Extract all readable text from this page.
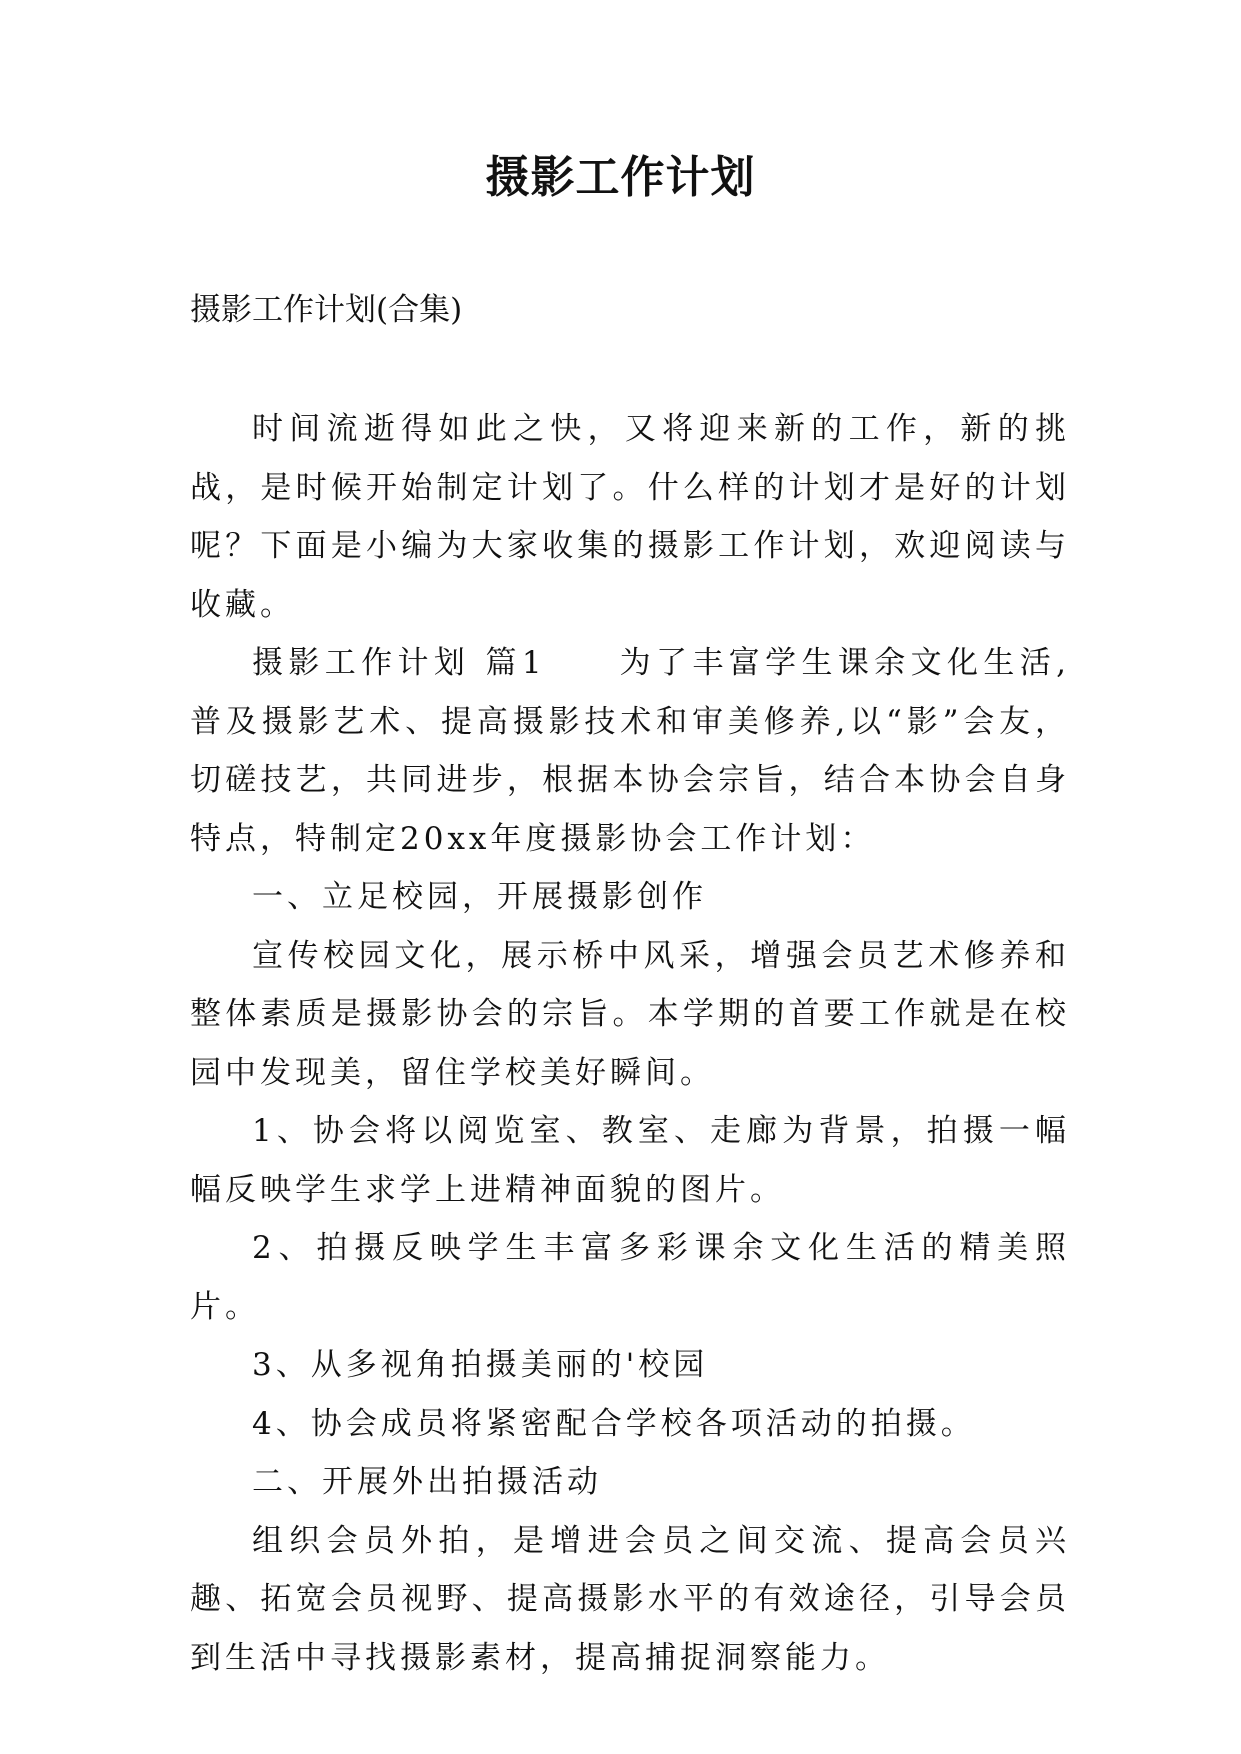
摄影工作计划
摄影工作计划(合集)

时间流逝得如此之快，又将迎来新的工作，新的挑战，是时候开始制定计划了。什么样的计划才是好的计划呢？下面是小编为大家收集的摄影工作计划，欢迎阅读与收藏。

摄影工作计划 篇1　　为了丰富学生课余文化生活,普及摄影艺术、提高摄影技术和审美修养,以“影”会友，切磋技艺，共同进步，根据本协会宗旨，结合本协会自身特点，特制定20xx年度摄影协会工作计划：

一、立足校园，开展摄影创作

宣传校园文化，展示桥中风采，增强会员艺术修养和整体素质是摄影协会的宗旨。本学期的首要工作就是在校园中发现美，留住学校美好瞬间。

1、协会将以阅览室、教室、走廊为背景，拍摄一幅幅反映学生求学上进精神面貌的图片。

2、拍摄反映学生丰富多彩课余文化生活的精美照片。

3、从多视角拍摄美丽的'校园

4、协会成员将紧密配合学校各项活动的拍摄。

二、开展外出拍摄活动

组织会员外拍，是增进会员之间交流、提高会员兴趣、拓宽会员视野、提高摄影水平的有效途径，引导会员到生活中寻找摄影素材，提高捕捉洞察能力。
